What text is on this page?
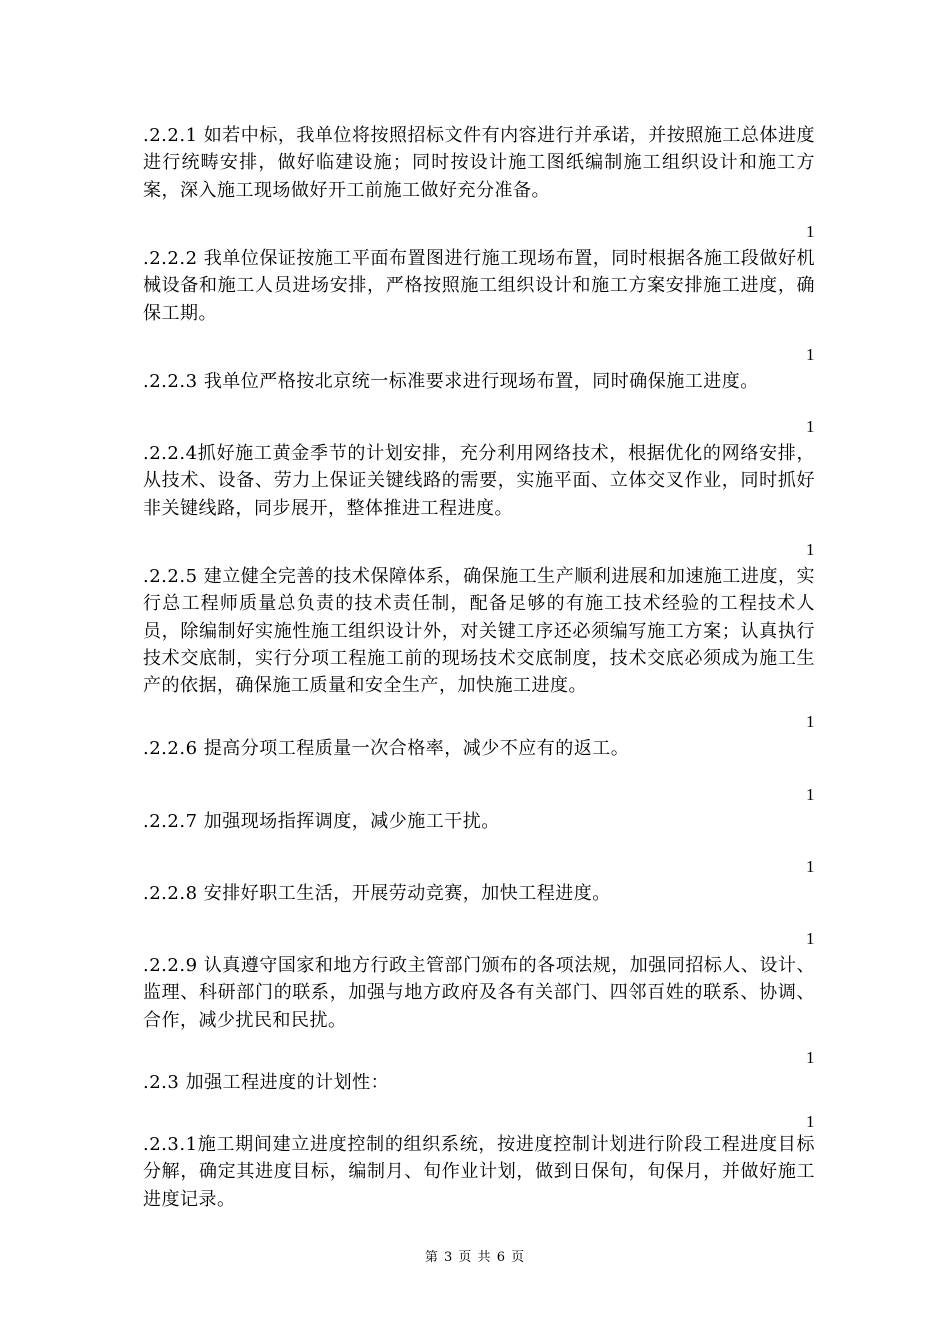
.2.2.1 如若中标，我单位将按照招标文件有内容进行并承诺，并按照施工总体进度进行统畴安排，做好临建设施；同时按设计施工图纸编制施工组织设计和施工方案，深入施工现场做好开工前施工做好充分准备。

1

.2.2.2 我单位保证按施工平面布置图进行施工现场布置，同时根据各施工段做好机械设备和施工人员进场安排，严格按照施工组织设计和施工方案安排施工进度，确保工期。

1

.2.2.3 我单位严格按北京统一标准要求进行现场布置，同时确保施工进度。

1

.2.2.4抓好施工黄金季节的计划安排，充分利用网络技术，根据优化的网络安排，从技术、设备、劳力上保证关键线路的需要，实施平面、立体交叉作业，同时抓好非关键线路，同步展开，整体推进工程进度。

1

.2.2.5 建立健全完善的技术保障体系，确保施工生产顺利进展和加速施工进度，实行总工程师质量总负责的技术责任制，配备足够的有施工技术经验的工程技术人员，除编制好实施性施工组织设计外，对关键工序还必须编写施工方案；认真执行技术交底制，实行分项工程施工前的现场技术交底制度，技术交底必须成为施工生产的依据，确保施工质量和安全生产，加快施工进度。

1

.2.2.6 提高分项工程质量一次合格率，减少不应有的返工。

1

.2.2.7 加强现场指挥调度，减少施工干扰。

1

.2.2.8 安排好职工生活，开展劳动竞赛，加快工程进度。

1

.2.2.9 认真遵守国家和地方行政主管部门颁布的各项法规，加强同招标人、设计、监理、科研部门的联系，加强与地方政府及各有关部门、四邻百姓的联系、协调、合作，减少扰民和民扰。

1

.2.3 加强工程进度的计划性：

1

.2.3.1施工期间建立进度控制的组织系统，按进度控制计划进行阶段工程进度目标分解，确定其进度目标，编制月、旬作业计划，做到日保旬，旬保月，并做好施工进度记录。

第 3 页 共 6 页
